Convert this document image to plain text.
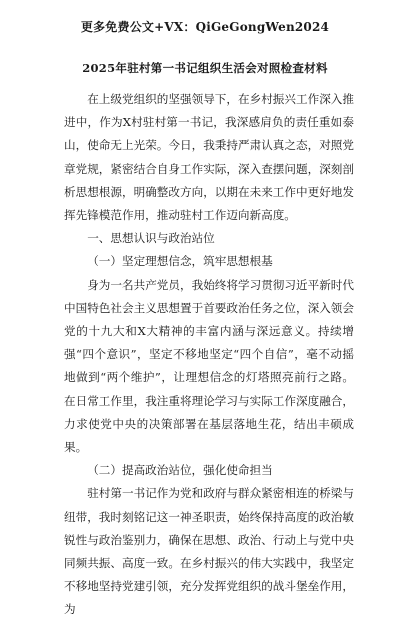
更多免费公文+VX：QiGeGongWen2024
2025年驻村第一书记组织生活会对照检查材料

在上级党组织的坚强领导下，在乡村振兴工作深入推进中，作为X村驻村第一书记，我深感肩负的责任重如泰山，使命无上光荣。今日，我秉持严肃认真之态，对照党章党规，紧密结合自身工作实际，深入查摆问题，深刻剖析思想根源，明确整改方向，以期在未来工作中更好地发挥先锋模范作用，推动驻村工作迈向新高度。

一、思想认识与政治站位

（一）坚定理想信念，筑牢思想根基

身为一名共产党员，我始终将学习贯彻习近平新时代中国特色社会主义思想置于首要政治任务之位，深入领会党的十九大和X大精神的丰富内涵与深远意义。持续增强“四个意识”，坚定不移地坚定“四个自信”，毫不动摇地做到“两个维护”，让理想信念的灯塔照亮前行之路。在日常工作里，我注重将理论学习与实际工作深度融合，力求使党中央的决策部署在基层落地生花，结出丰硕成果。

（二）提高政治站位，强化使命担当

驻村第一书记作为党和政府与群众紧密相连的桥梁与纽带，我时刻铭记这一神圣职责，始终保持高度的政治敏锐性与政治鉴别力，确保在思想、政治、行动上与党中央同频共振、高度一致。在乡村振兴的伟大实践中，我坚定不移地坚持党建引领，充分发挥党组织的战斗堡垒作用，为
